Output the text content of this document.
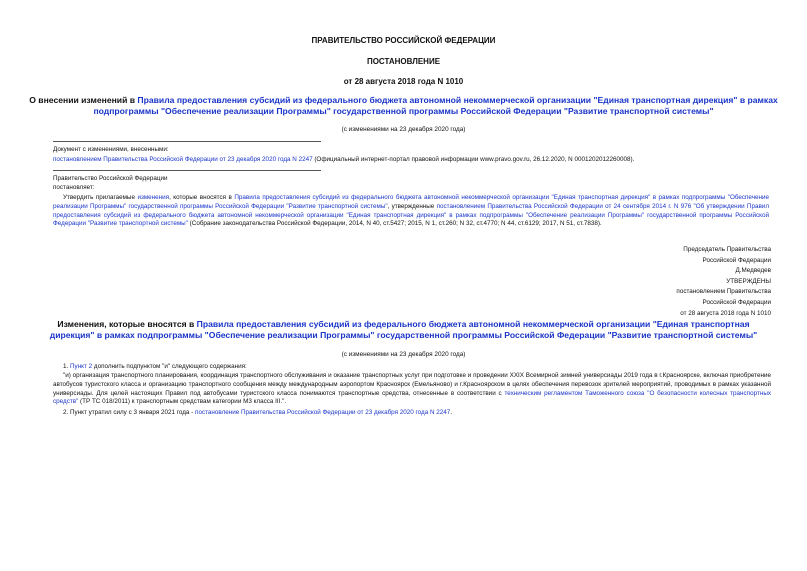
ПРАВИТЕЛЬСТВО РОССИЙСКОЙ ФЕДЕРАЦИИ
ПОСТАНОВЛЕНИЕ
от 28 августа 2018 года N 1010
О внесении изменений в Правила предоставления субсидий из федерального бюджета автономной некоммерческой организации "Единая транспортная дирекция" в рамках подпрограммы "Обеспечение реализации Программы" государственной программы Российской Федерации "Развитие транспортной системы"
(с изменениями на 23 декабря 2020 года)
Документ с изменениями, внесенными:
постановлением Правительства Российской Федерации от 23 декабря 2020 года N 2247 (Официальный интернет-портал правовой информации www.pravo.gov.ru, 26.12.2020, N 0001202012260008).
Правительство Российской Федерации
постановляет:
Утвердить прилагаемые изменения, которые вносятся в Правила предоставления субсидий из федерального бюджета автономной некоммерческой организации "Единая транспортная дирекция" в рамках подпрограммы "Обеспечение реализации Программы" государственной программы Российской Федерации "Развитие транспортной системы", утвержденные постановлением Правительства Российской Федерации от 24 сентября 2014 г. N 976 "Об утверждении Правил предоставления субсидий из федерального бюджета автономной некоммерческой организации "Единая транспортная дирекция" в рамках подпрограммы "Обеспечение реализации Программы" государственной программы Российской Федерации "Развитие транспортной системы" (Собрание законодательства Российской Федерации, 2014, N 40, ст.5427; 2015, N 1, ст.260; N 32, ст.4770; N 44, ст.6129; 2017, N 51, ст.7838).
Председатель Правительства
Российской Федерации
Д.Медведев
УТВЕРЖДЕНЫ
постановлением Правительства
Российской Федерации
от 28 августа 2018 года N 1010
Изменения, которые вносятся в Правила предоставления субсидий из федерального бюджета автономной некоммерческой организации "Единая транспортная дирекция" в рамках подпрограммы "Обеспечение реализации Программы" государственной программы Российской Федерации "Развитие транспортной системы"
(с изменениями на 23 декабря 2020 года)
1. Пункт 2 дополнить подпунктом "и" следующего содержания:
"и) организация транспортного планирования, координация транспортного обслуживания и оказание транспортных услуг при подготовке и проведении XXIX Всемирной зимней универсиады 2019 года в г.Красноярске, включая приобретение автобусов туристского класса и организацию транспортного сообщения между международным аэропортом Красноярск (Емельяново) и г.Красноярском в целях обеспечения перевозок зрителей мероприятий, проводимых в рамках указанной универсиады. Для целей настоящих Правил под автобусами туристского класса понимаются транспортные средства, отнесенные в соответствии с техническим регламентом Таможенного союза "О безопасности колесных транспортных средств" (ТР ТС 018/2011) к транспортным средствам категории М3 класса III.".
2. Пункт утратил силу с 3 января 2021 года - постановление Правительства Российской Федерации от 23 декабря 2020 года N 2247.
